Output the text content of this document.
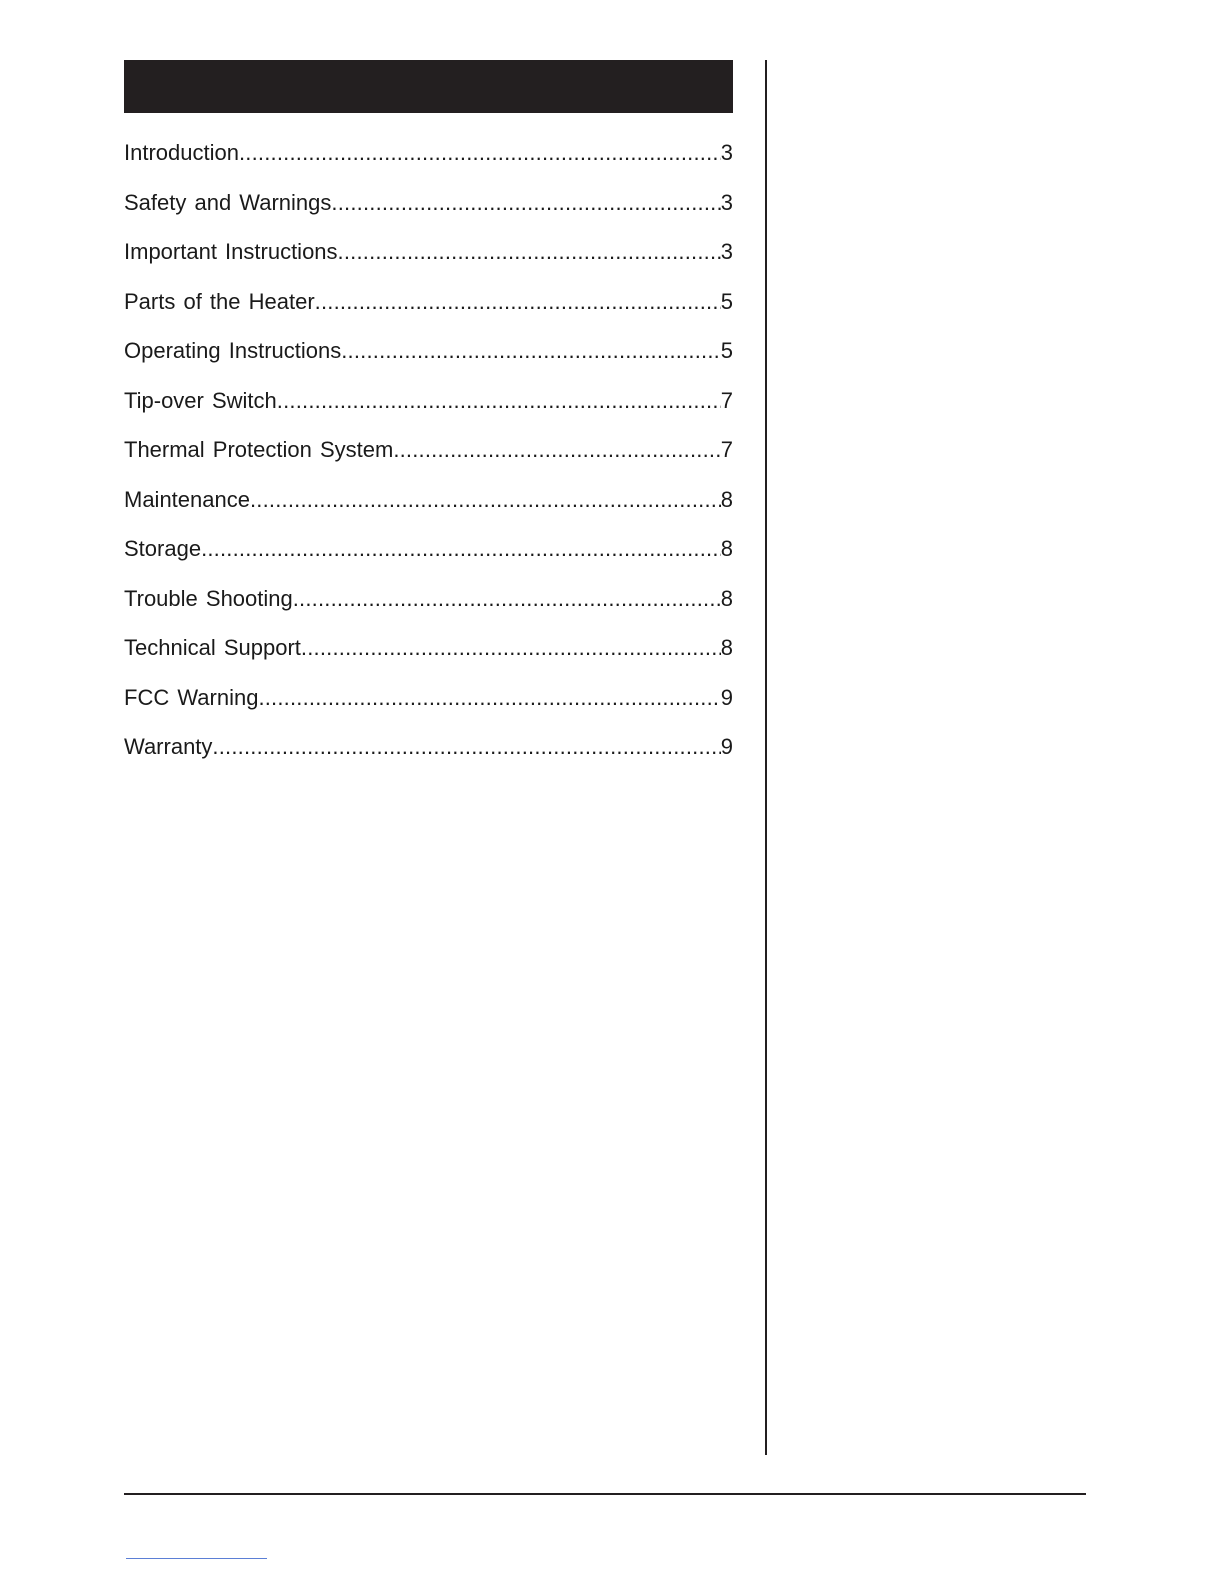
Introduction .....	3
Safety and Warnings .....	3
Important Instructions .....	3
Parts of the Heater .....	5
Operating Instructions .....	5
Tip-over Switch .....	7
Thermal Protection System .....	7
Maintenance .....	8
Storage .....	8
Trouble Shooting .....	8
Technical Support .....	8
FCC Warning .....	9
Warranty .....	9
